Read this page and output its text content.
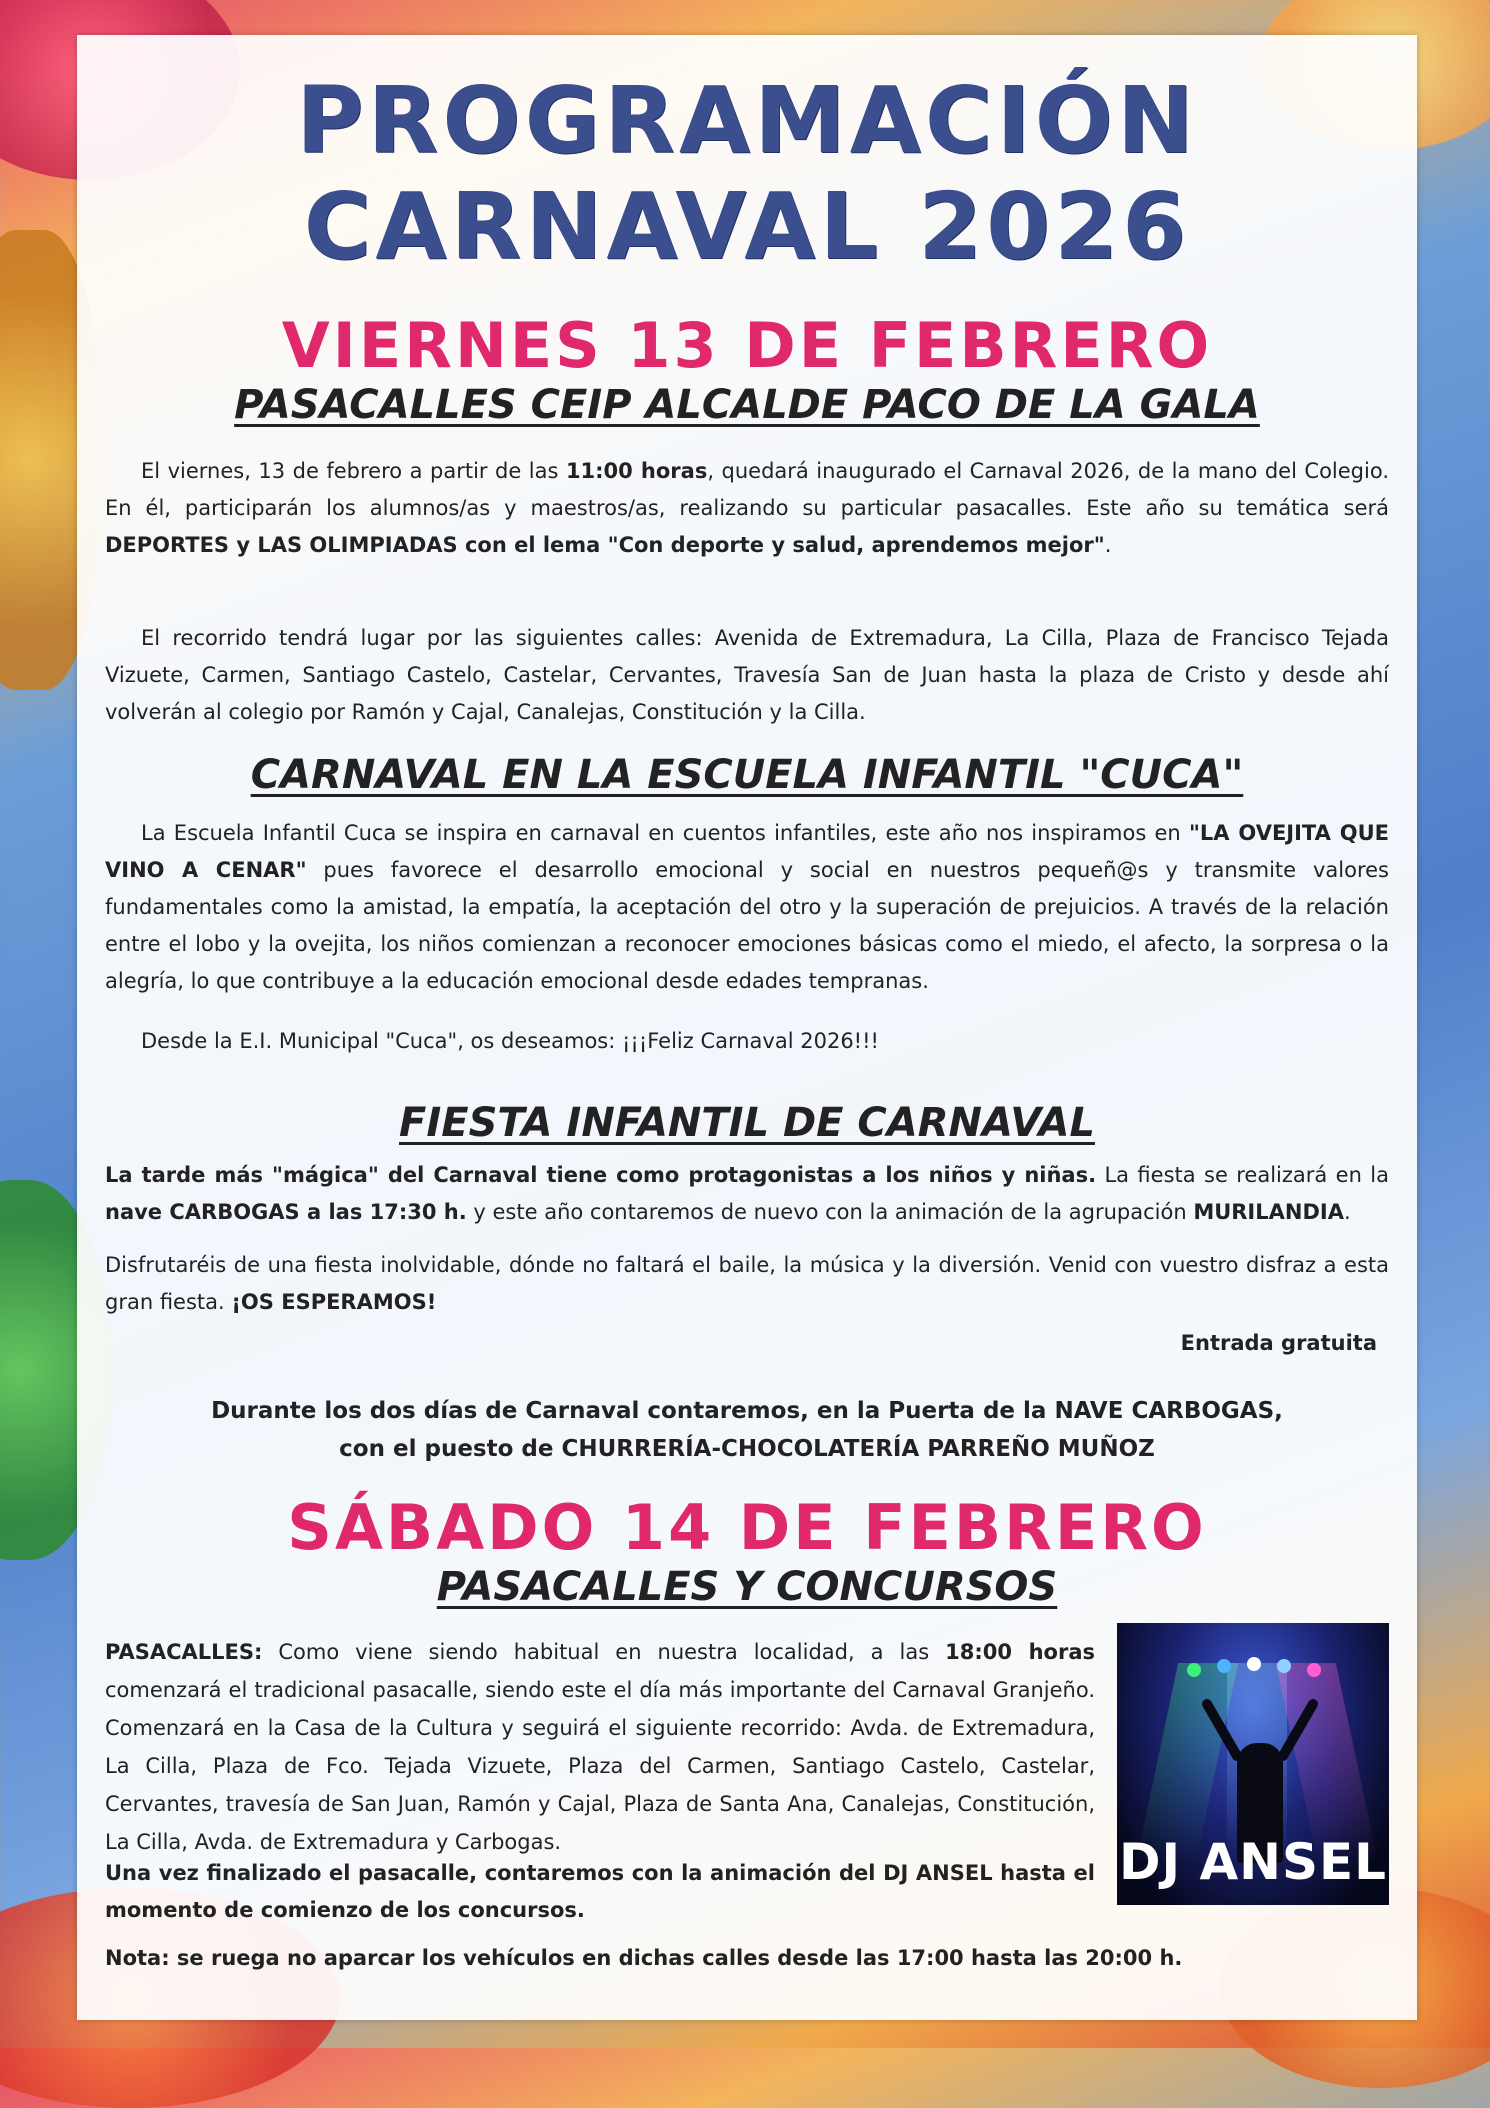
PROGRAMACIÓN
CARNAVAL 2026
VIERNES 13 DE FEBRERO
PASACALLES CEIP ALCALDE PACO DE LA GALA
El viernes, 13 de febrero a partir de las 11:00 horas, quedará inaugurado el Carnaval 2026, de la mano del Colegio. En él, participarán los alumnos/as y maestros/as, realizando su particular pasacalles. Este año su temática será DEPORTES y LAS OLIMPIADAS con el lema "Con deporte y salud, aprendemos mejor".
El recorrido tendrá lugar por las siguientes calles: Avenida de Extremadura, La Cilla, Plaza de Francisco Tejada Vizuete, Carmen, Santiago Castelo, Castelar, Cervantes, Travesía San de Juan hasta la plaza de Cristo y desde ahí volverán al colegio por Ramón y Cajal, Canalejas, Constitución y la Cilla.
CARNAVAL EN LA ESCUELA INFANTIL "CUCA"
La Escuela Infantil Cuca se inspira en carnaval en cuentos infantiles, este año nos inspiramos en "LA OVEJITA QUE VINO A CENAR" pues favorece el desarrollo emocional y social en nuestros pequeñ@s y transmite valores fundamentales como la amistad, la empatía, la aceptación del otro y la superación de prejuicios. A través de la relación entre el lobo y la ovejita, los niños comienzan a reconocer emociones básicas como el miedo, el afecto, la sorpresa o la alegría, lo que contribuye a la educación emocional desde edades tempranas.
Desde la E.I. Municipal "Cuca", os deseamos: ¡¡¡Feliz Carnaval 2026!!!
FIESTA INFANTIL DE CARNAVAL
La tarde más "mágica" del Carnaval tiene como protagonistas a los niños y niñas. La fiesta se realizará en la nave CARBOGAS a las 17:30 h. y este año contaremos de nuevo con la animación de la agrupación MURILANDIA.
Disfrutaréis de una fiesta inolvidable, dónde no faltará el baile, la música y la diversión. Venid con vuestro disfraz a esta gran fiesta. ¡OS ESPERAMOS!
Entrada gratuita
Durante los dos días de Carnaval contaremos, en la Puerta de la NAVE CARBOGAS,
con el puesto de CHURRERÍA-CHOCOLATERÍA PARREÑO MUÑOZ
SÁBADO 14 DE FEBRERO
PASACALLES Y CONCURSOS
PASACALLES: Como viene siendo habitual en nuestra localidad, a las 18:00 horas comenzará el tradicional pasacalle, siendo este el día más importante del Carnaval Granjeño. Comenzará en la Casa de la Cultura y seguirá el siguiente recorrido: Avda. de Extremadura, La Cilla, Plaza de Fco. Tejada Vizuete, Plaza del Carmen, Santiago Castelo, Castelar, Cervantes, travesía de San Juan, Ramón y Cajal, Plaza de Santa Ana, Canalejas, Constitución, La Cilla, Avda. de Extremadura y Carbogas.
Una vez finalizado el pasacalle, contaremos con la animación del DJ ANSEL hasta el momento de comienzo de los concursos.
Nota: se ruega no aparcar los vehículos en dichas calles desde las 17:00 hasta las 20:00 h.
DJ ANSEL
